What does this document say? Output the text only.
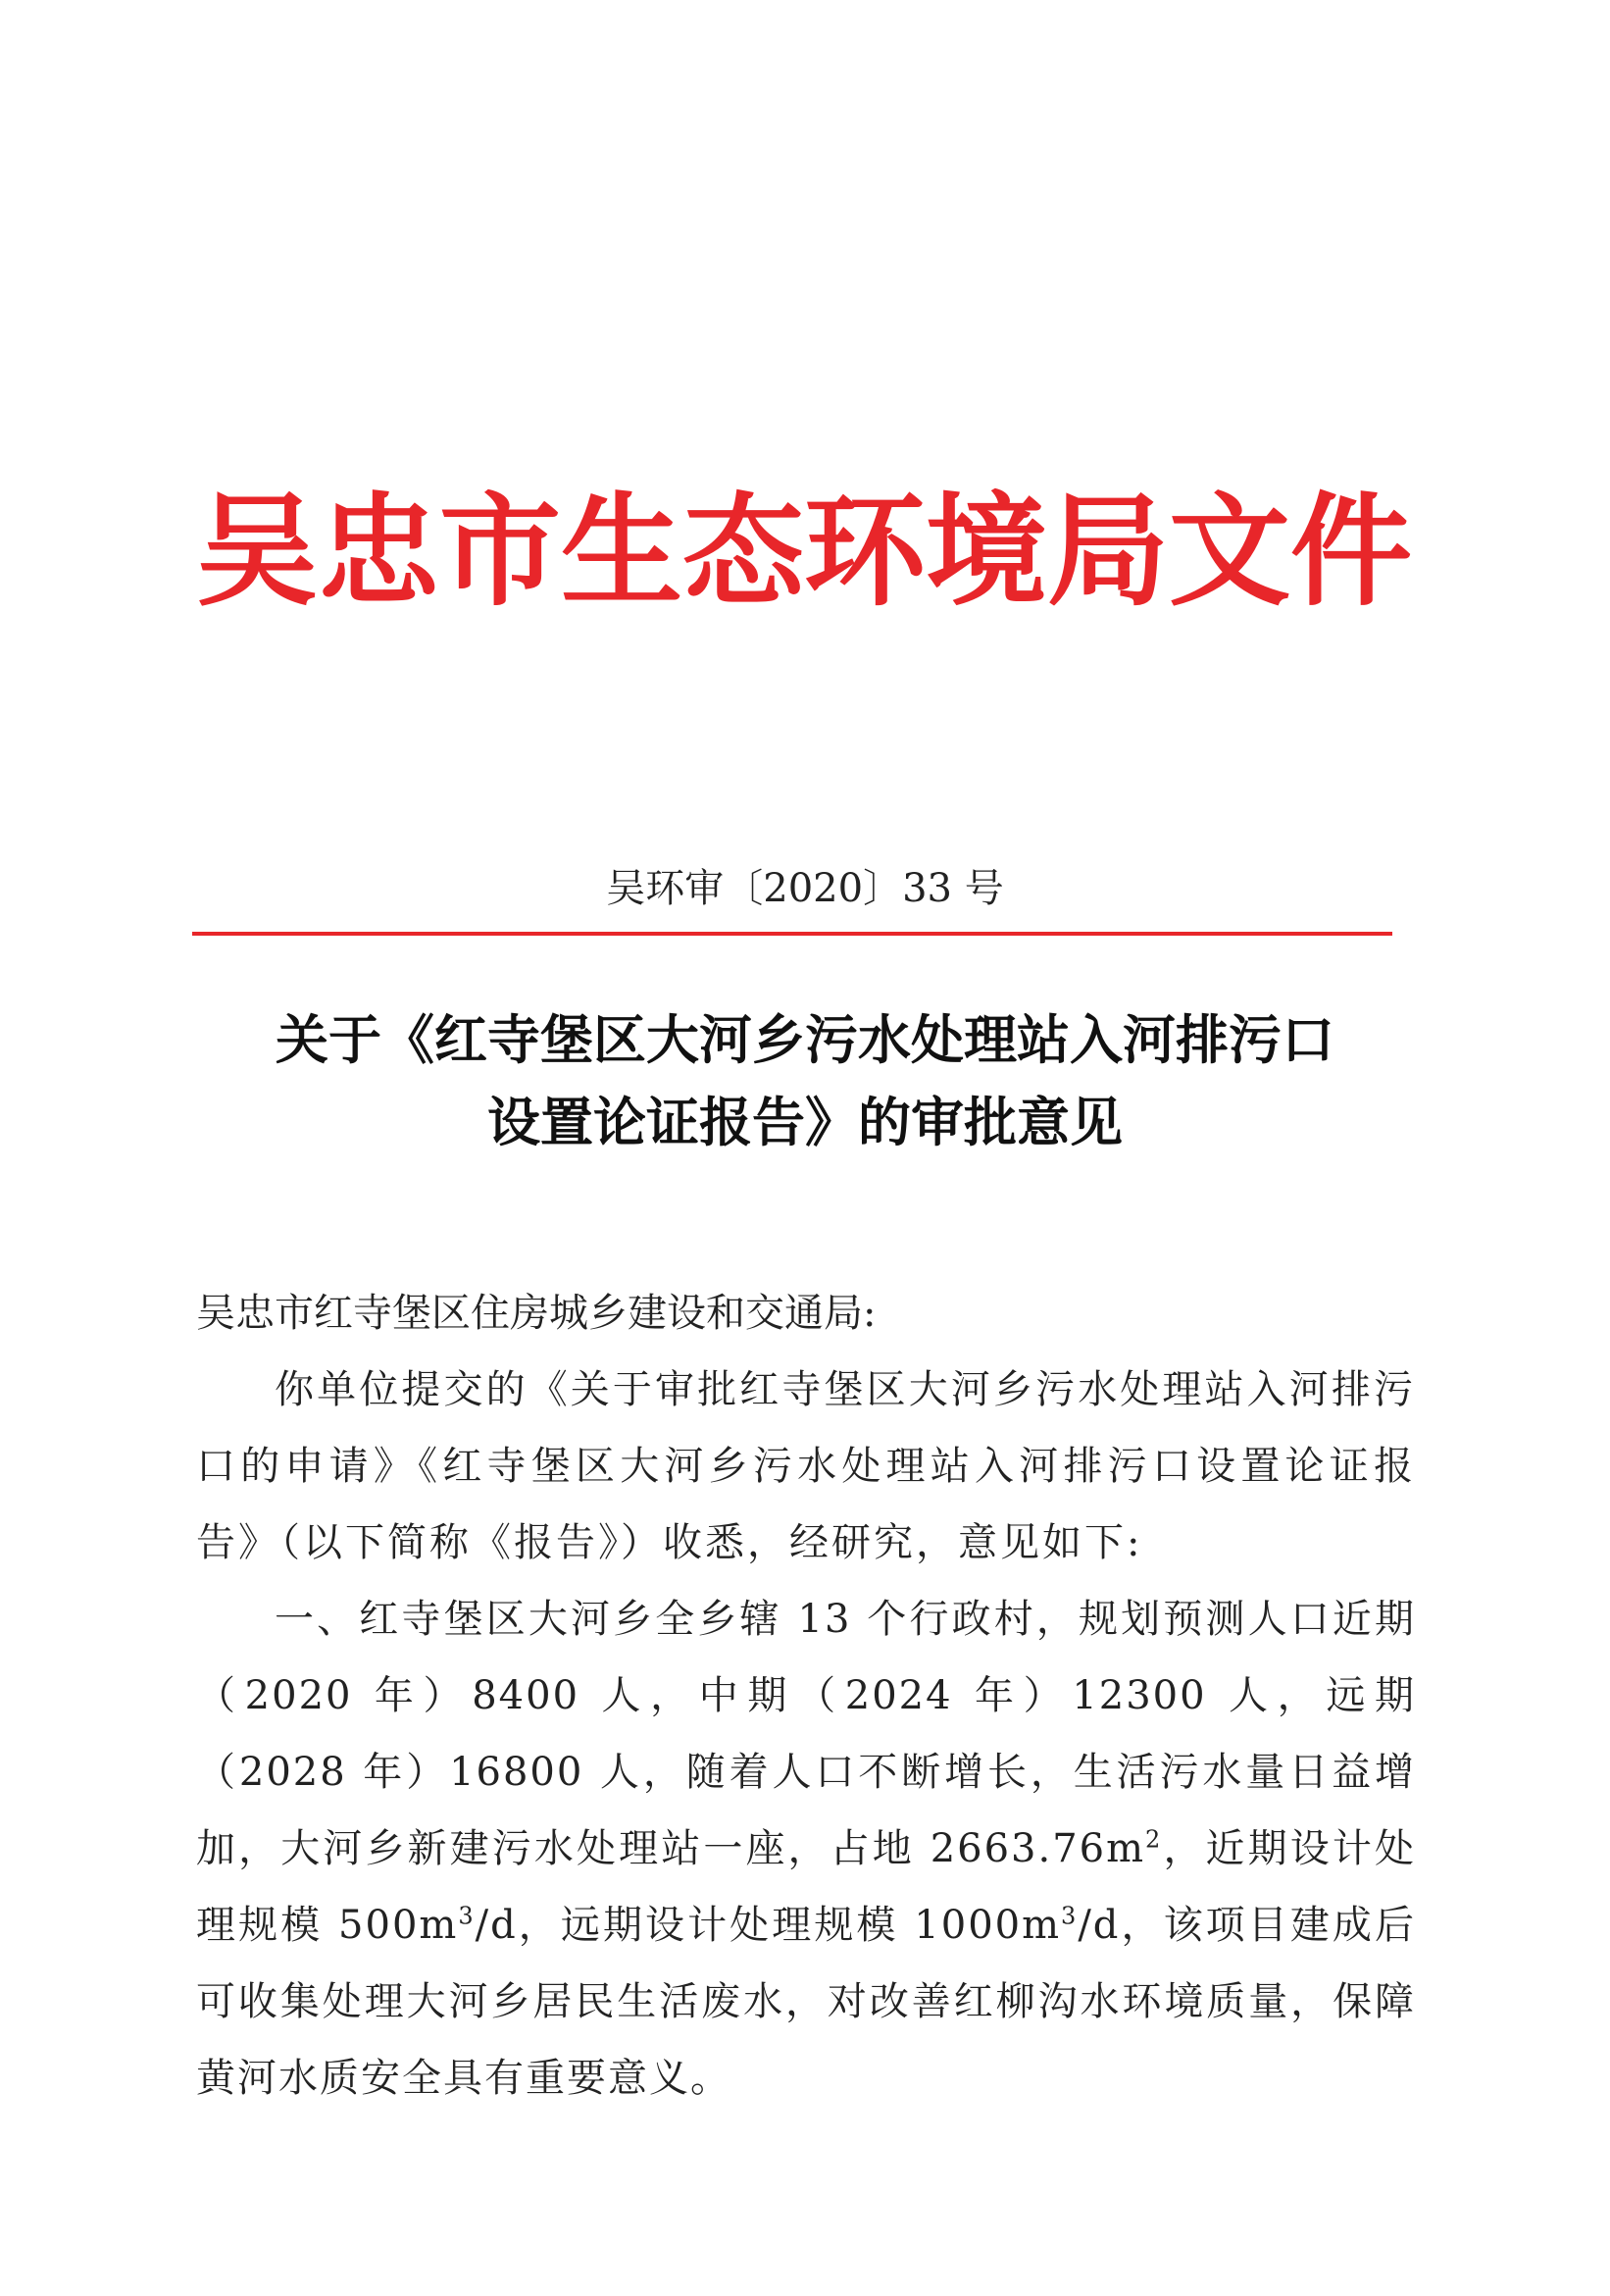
吴忠市生态环境局文件
吴环审〔2020〕33 号
关于《红寺堡区大河乡污水处理站入河排污口
设置论证报告》的审批意见

吴忠市红寺堡区住房城乡建设和交通局:

你单位提交的《关于审批红寺堡区大河乡污水处理站入河排污口的申请》《红寺堡区大河乡污水处理站入河排污口设置论证报告》（以下简称《报告》）收悉，经研究，意见如下:

一、红寺堡区大河乡全乡辖 13 个行政村，规划预测人口近期（2020 年）8400 人，中期（2024 年）12300 人，远期（2028 年）16800 人，随着人口不断增长，生活污水量日益增加，大河乡新建污水处理站一座，占地 $2663.76m^2$，近期设计处理规模 $500m^3/d$，远期设计处理规模 $1000m^3/d$，该项目建成后可收集处理大河乡居民生活废水，对改善红柳沟水环境质量，保障黄河水质安全具有重要意义。
